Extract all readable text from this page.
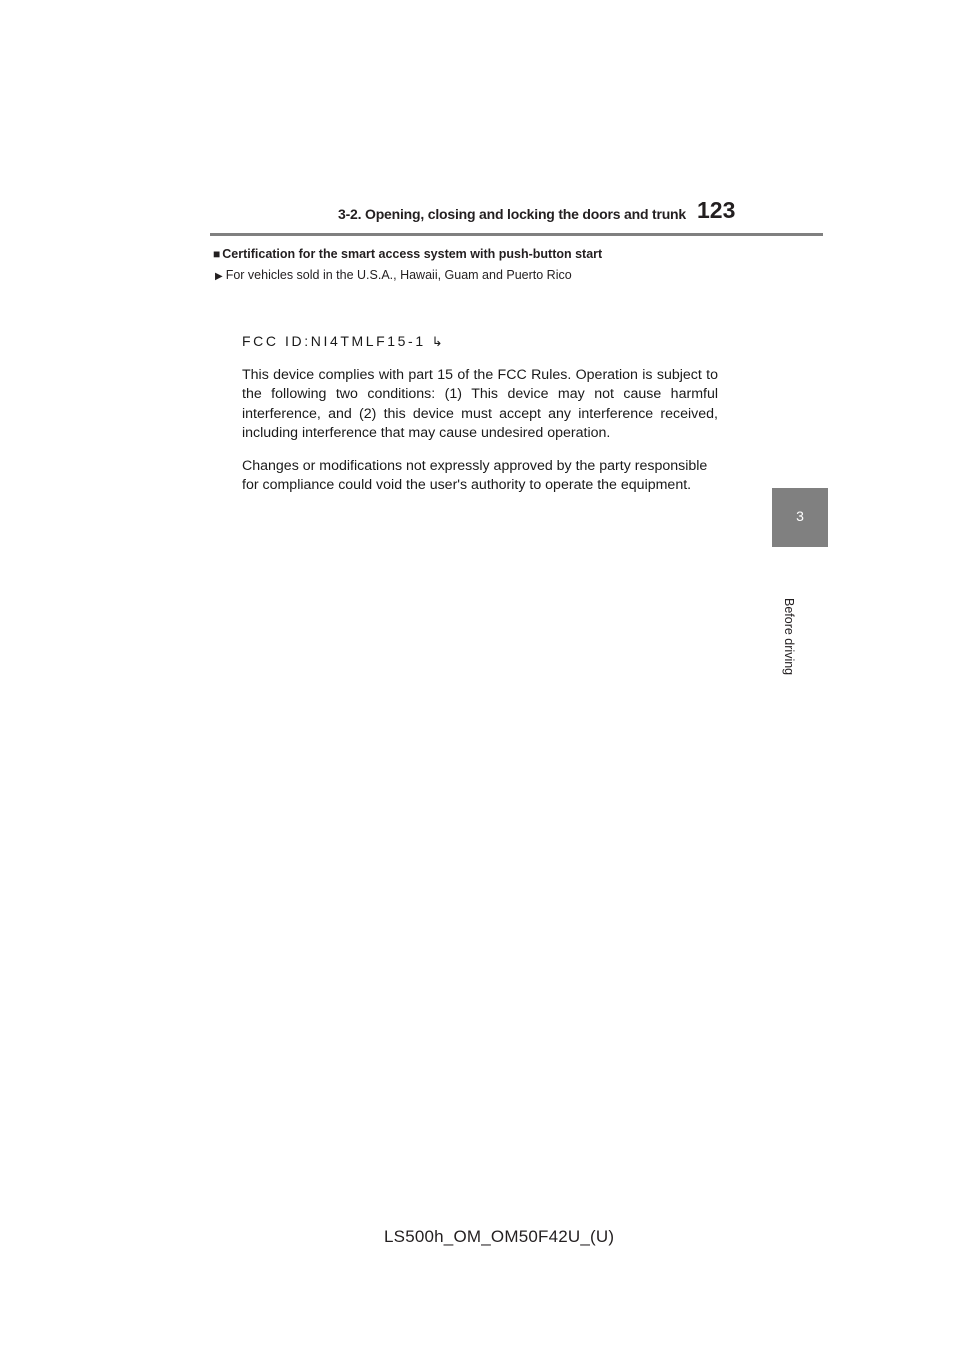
3-2. Opening, closing and locking the doors and trunk 123
■ Certification for the smart access system with push-button start
▶ For vehicles sold in the U.S.A., Hawaii, Guam and Puerto Rico
FCC ID:NI4TMLF15-1 ↳
This device complies with part 15 of the FCC Rules. Operation is subject to the following two conditions: (1) This device may not cause harmful interference, and (2) this device must accept any interference received, including interference that may cause undesired operation.
Changes or modifications not expressly approved by the party responsible for compliance could void the user's authority to operate the equipment.
3
Before driving
LS500h_OM_OM50F42U_(U)
